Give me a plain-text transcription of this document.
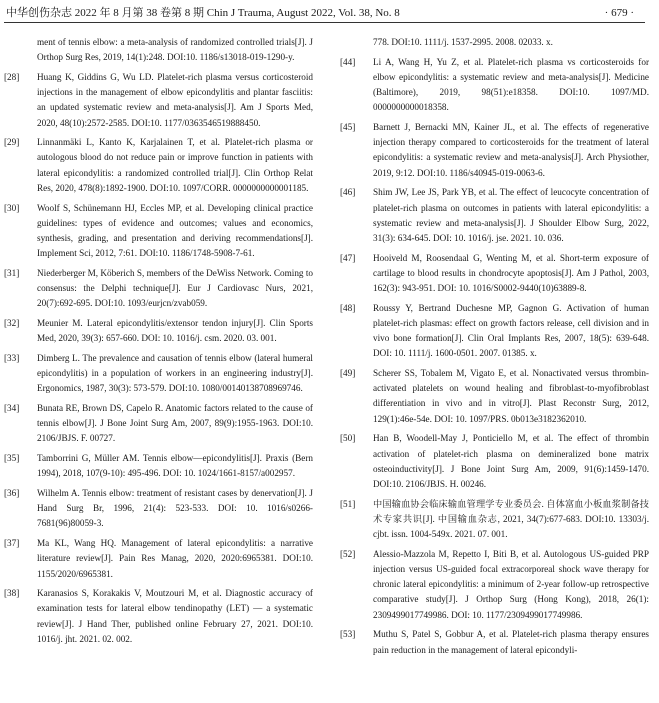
中华创伤杂志 2022 年 8 月第 38 卷第 8 期 Chin J Trauma, August 2022, Vol. 38, No. 8	· 679 ·
ment of tennis elbow: a meta-analysis of randomized controlled trials[J]. J Orthop Surg Res, 2019, 14(1):248. DOI:10. 1186/s13018-019-1290-y.
[28]	Huang K, Giddins G, Wu LD. Platelet-rich plasma versus corticosteroid injections in the management of elbow epicondylitis and plantar fasciitis: an updated systematic review and meta-analysis[J]. Am J Sports Med, 2020, 48(10):2572-2585. DOI:10. 1177/0363546519888450.
[29]	Linnanmäki L, Kanto K, Karjalainen T, et al. Platelet-rich plasma or autologous blood do not reduce pain or improve function in patients with lateral epicondylitis: a randomized controlled trial[J]. Clin Orthop Relat Res, 2020, 478(8):1892-1900. DOI:10. 1097/CORR. 0000000000001185.
[30]	Woolf S, Schünemann HJ, Eccles MP, et al. Developing clinical practice guidelines: types of evidence and outcomes; values and economics, synthesis, grading, and presentation and deriving recommendations[J]. Implement Sci, 2012, 7:61. DOI:10. 1186/1748-5908-7-61.
[31]	Niederberger M, Köberich S, members of the DeWiss Network. Coming to consensus: the Delphi technique[J]. Eur J Cardiovasc Nurs, 2021, 20(7):692-695. DOI:10. 1093/eurjcn/zvab059.
[32]	Meunier M. Lateral epicondylitis/extensor tendon injury[J]. Clin Sports Med, 2020, 39(3): 657-660. DOI: 10. 1016/j. csm. 2020. 03. 001.
[33]	Dimberg L. The prevalence and causation of tennis elbow (lateral humeral epicondylitis) in a population of workers in an engineering industry[J]. Ergonomics, 1987, 30(3): 573-579. DOI:10. 1080/00140138708969746.
[34]	Bunata RE, Brown DS, Capelo R. Anatomic factors related to the cause of tennis elbow[J]. J Bone Joint Surg Am, 2007, 89(9):1955-1963. DOI:10. 2106/JBJS. F. 00727.
[35]	Tamborrini G, Müller AM. Tennis elbow—epicondylitis[J]. Praxis (Bern 1994), 2018, 107(9-10): 495-496. DOI: 10. 1024/1661-8157/a002957.
[36]	Wilhelm A. Tennis elbow: treatment of resistant cases by denervation[J]. J Hand Surg Br, 1996, 21(4): 523-533. DOI: 10. 1016/s0266-7681(96)80059-3.
[37]	Ma KL, Wang HQ. Management of lateral epicondylitis: a narrative literature review[J]. Pain Res Manag, 2020, 2020:6965381. DOI:10. 1155/2020/6965381.
[38]	Karanasios S, Korakakis V, Moutzouri M, et al. Diagnostic accuracy of examination tests for lateral elbow tendinopathy (LET) — a systematic review[J]. J Hand Ther, published online February 27, 2021. DOI:10. 1016/j. jht. 2021. 02. 002.
778. DOI:10. 1111/j. 1537-2995. 2008. 02033. x.
[44]	Li A, Wang H, Yu Z, et al. Platelet-rich plasma vs corticosteroids for elbow epicondylitis: a systematic review and meta-analysis[J]. Medicine (Baltimore), 2019, 98(51):e18358. DOI:10. 1097/MD. 0000000000018358.
[45]	Barnett J, Bernacki MN, Kainer JL, et al. The effects of regenerative injection therapy compared to corticosteroids for the treatment of lateral epicondylitis: a systematic review and meta-analysis[J]. Arch Physiother, 2019, 9:12. DOI:10. 1186/s40945-019-0063-6.
[46]	Shim JW, Lee JS, Park YB, et al. The effect of leucocyte concentration of platelet-rich plasma on outcomes in patients with lateral epicondylitis: a systematic review and meta-analysis[J]. J Shoulder Elbow Surg, 2022, 31(3): 634-645. DOI: 10. 1016/j. jse. 2021. 10. 036.
[47]	Hooiveld M, Roosendaal G, Wenting M, et al. Short-term exposure of cartilage to blood results in chondrocyte apoptosis[J]. Am J Pathol, 2003, 162(3): 943-951. DOI: 10. 1016/S0002-9440(10)63889-8.
[48]	Roussy Y, Bertrand Duchesne MP, Gagnon G. Activation of human platelet-rich plasmas: effect on growth factors release, cell division and in vivo bone formation[J]. Clin Oral Implants Res, 2007, 18(5): 639-648. DOI: 10. 1111/j. 1600-0501. 2007. 01385. x.
[49]	Scherer SS, Tobalem M, Vigato E, et al. Nonactivated versus thrombin-activated platelets on wound healing and fibroblast-to-myofibroblast differentiation in vivo and in vitro[J]. Plast Reconstr Surg, 2012, 129(1):46e-54e. DOI: 10. 1097/PRS. 0b013e3182362010.
[50]	Han B, Woodell-May J, Ponticiello M, et al. The effect of thrombin activation of platelet-rich plasma on demineralized bone matrix osteoinductivity[J]. J Bone Joint Surg Am, 2009, 91(6):1459-1470. DOI:10. 2106/JBJS. H. 00246.
[51]	中国输血协会临床输血管理学专业委员会. 自体富血小板血浆制备技术专家共识[J]. 中国输血杂志, 2021, 34(7):677-683. DOI:10. 13303/j. cjbt. issn. 1004-549x. 2021. 07. 001.
[52]	Alessio-Mazzola M, Repetto I, Biti B, et al. Autologous US-guided PRP injection versus US-guided focal extracorporeal shock wave therapy for chronic lateral epicondylitis: a minimum of 2-year follow-up retrospective comparative study[J]. J Orthop Surg (Hong Kong), 2018, 26(1): 2309499017749986. DOI: 10. 1177/2309499017749986.
[53]	Muthu S, Patel S, Gobbur A, et al. Platelet-rich plasma therapy ensures pain reduction in the management of lateral epicondyli-
